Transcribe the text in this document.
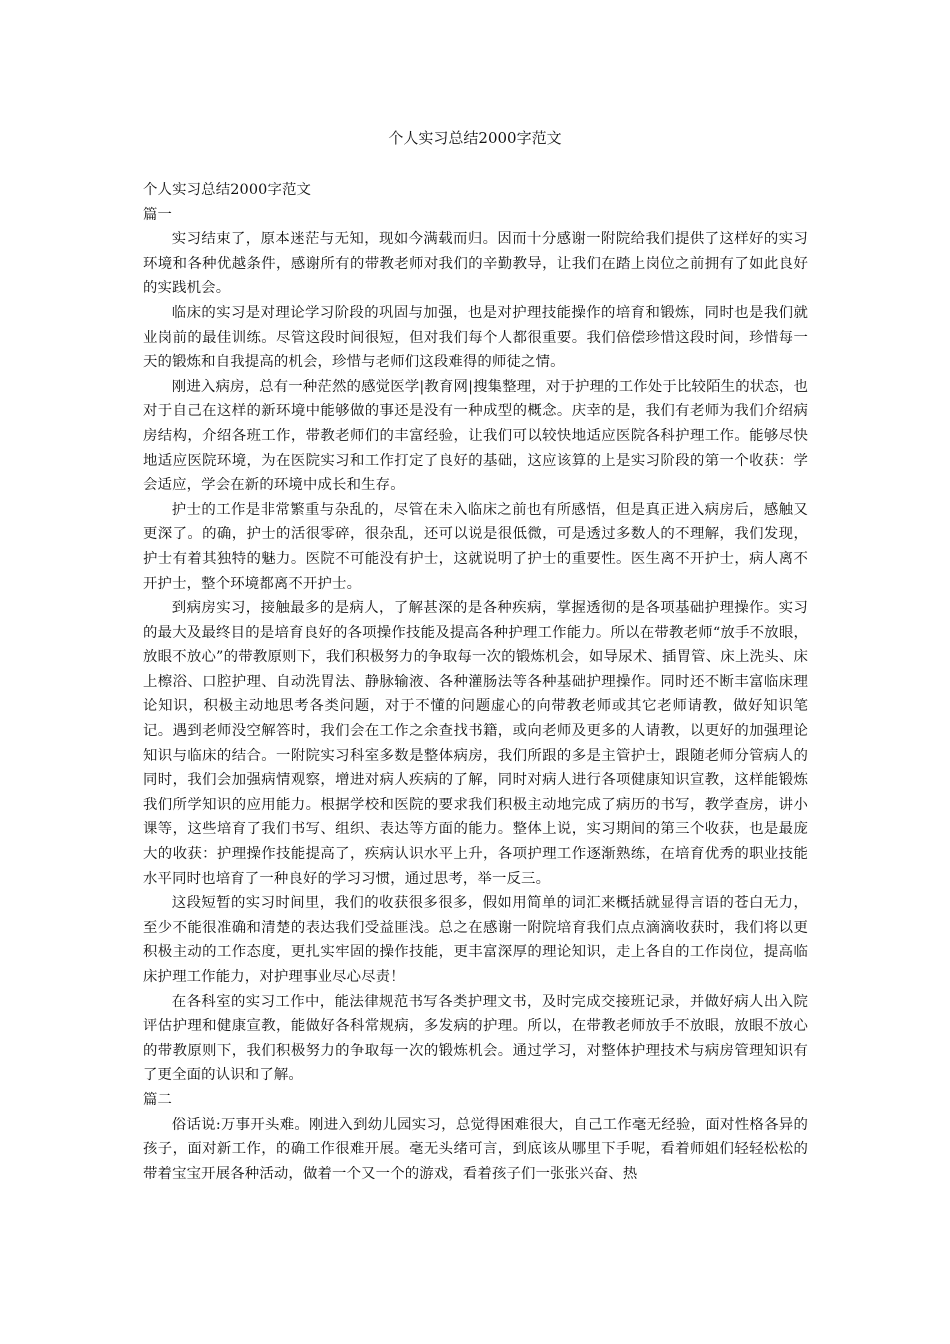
个人实习总结2000字范文

个人实习总结2000字范文

篇一

实习结束了，原本迷茫与无知，现如今满载而归。因而十分感谢一附院给我们提供了这样好的实习环境和各种优越条件，感谢所有的带教老师对我们的辛勤教导，让我们在踏上岗位之前拥有了如此良好的实践机会。

临床的实习是对理论学习阶段的巩固与加强，也是对护理技能操作的培育和锻炼，同时也是我们就业岗前的最佳训练。尽管这段时间很短，但对我们每个人都很重要。我们倍偿珍惜这段时间，珍惜每一天的锻炼和自我提高的机会，珍惜与老师们这段难得的师徒之情。

刚进入病房，总有一种茫然的感觉医学|教育网|搜集整理，对于护理的工作处于比较陌生的状态，也对于自己在这样的新环境中能够做的事还是没有一种成型的概念。庆幸的是，我们有老师为我们介绍病房结构，介绍各班工作，带教老师们的丰富经验，让我们可以较快地适应医院各科护理工作。能够尽快地适应医院环境，为在医院实习和工作打定了良好的基础，这应该算的上是实习阶段的第一个收获：学会适应，学会在新的环境中成长和生存。

护士的工作是非常繁重与杂乱的，尽管在未入临床之前也有所感悟，但是真正进入病房后，感触又更深了。的确，护士的活很零碎，很杂乱，还可以说是很低微，可是透过多数人的不理解，我们发现，护士有着其独特的魅力。医院不可能没有护士，这就说明了护士的重要性。医生离不开护士，病人离不开护士，整个环境都离不开护士。

到病房实习，接触最多的是病人，了解甚深的是各种疾病，掌握透彻的是各项基础护理操作。实习的最大及最终目的是培育良好的各项操作技能及提高各种护理工作能力。所以在带教老师“放手不放眼，放眼不放心”的带教原则下，我们积极努力的争取每一次的锻炼机会，如导尿术、插胃管、床上洗头、床上檫浴、口腔护理、自动洗胃法、静脉输液、各种灌肠法等各种基础护理操作。同时还不断丰富临床理论知识，积极主动地思考各类问题，对于不懂的问题虚心的向带教老师或其它老师请教，做好知识笔记。遇到老师没空解答时，我们会在工作之余查找书籍，或向老师及更多的人请教，以更好的加强理论知识与临床的结合。一附院实习科室多数是整体病房，我们所跟的多是主管护士，跟随老师分管病人的同时，我们会加强病情观察，增进对病人疾病的了解，同时对病人进行各项健康知识宣教，这样能锻炼我们所学知识的应用能力。根据学校和医院的要求我们积极主动地完成了病历的书写，教学查房，讲小课等，这些培育了我们书写、组织、表达等方面的能力。整体上说，实习期间的第三个收获，也是最庞大的收获：护理操作技能提高了，疾病认识水平上升，各项护理工作逐渐熟练，在培育优秀的职业技能水平同时也培育了一种良好的学习习惯，通过思考，举一反三。

这段短暂的实习时间里，我们的收获很多很多，假如用简单的词汇来概括就显得言语的苍白无力，至少不能很准确和清楚的表达我们受益匪浅。总之在感谢一附院培育我们点点滴滴收获时，我们将以更积极主动的工作态度，更扎实牢固的操作技能，更丰富深厚的理论知识，走上各自的工作岗位，提高临床护理工作能力，对护理事业尽心尽责！

在各科室的实习工作中，能法律规范书写各类护理文书，及时完成交接班记录，并做好病人出入院评估护理和健康宣教，能做好各科常规病，多发病的护理。所以，在带教老师放手不放眼，放眼不放心的带教原则下，我们积极努力的争取每一次的锻炼机会。通过学习，对整体护理技术与病房管理知识有了更全面的认识和了解。

篇二

俗话说:万事开头难。刚进入到幼儿园实习，总觉得困难很大，自己工作毫无经验，面对性格各异的孩子，面对新工作，的确工作很难开展。毫无头绪可言，到底该从哪里下手呢，看着师姐们轻轻松松的带着宝宝开展各种活动，做着一个又一个的游戏，看着孩子们一张张兴奋、热
